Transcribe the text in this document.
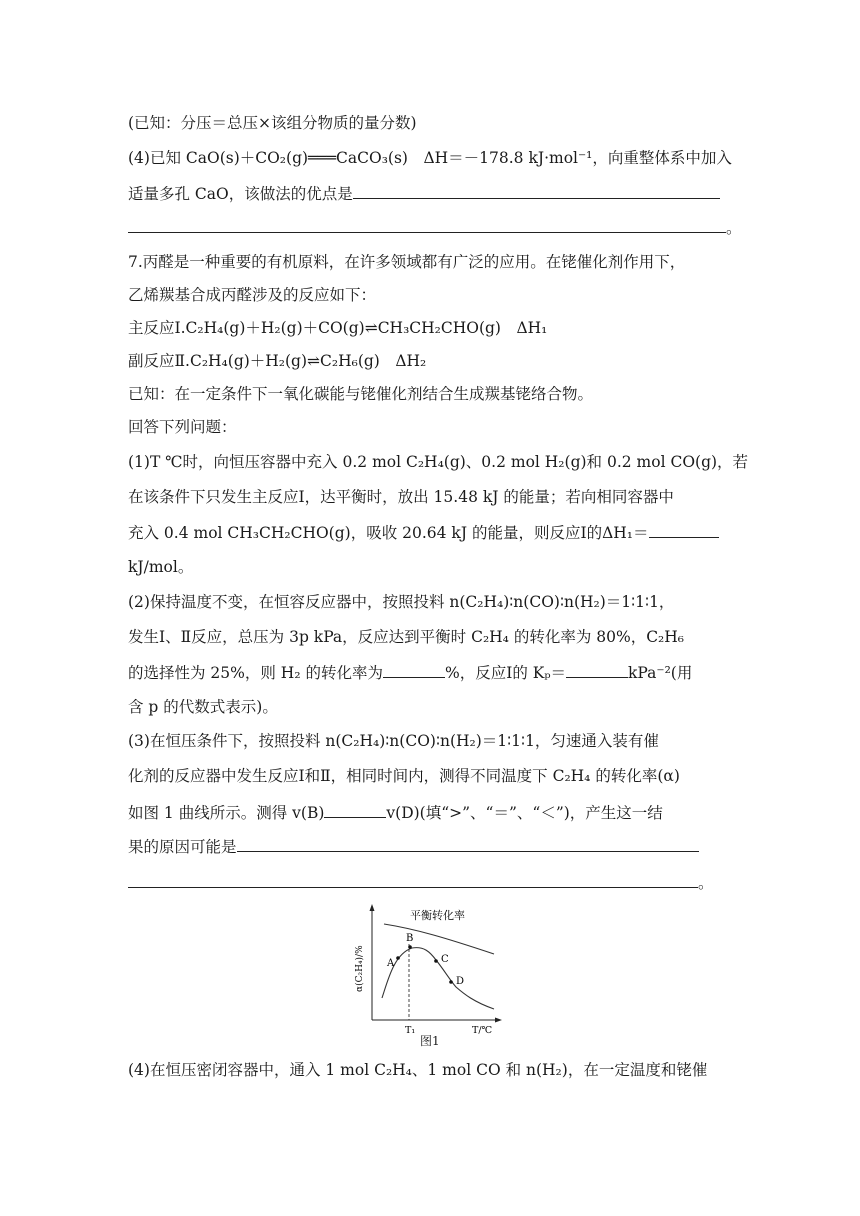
(已知：分压＝总压×该组分物质的量分数)
(4)已知 CaO(s)＋CO₂(g)═══CaCO₃(s)　ΔH＝－178.8 kJ·mol⁻¹，向重整体系中加入
适量多孔 CaO，该做法的优点是
。
7.丙醛是一种重要的有机原料，在许多领域都有广泛的应用。在铑催化剂作用下，
乙烯羰基合成丙醛涉及的反应如下：
主反应Ⅰ.C₂H₄(g)＋H₂(g)＋CO(g)⇌CH₃CH₂CHO(g)　ΔH₁
副反应Ⅱ.C₂H₄(g)＋H₂(g)⇌C₂H₆(g)　ΔH₂
已知：在一定条件下一氧化碳能与铑催化剂结合生成羰基铑络合物。
回答下列问题：
(1)T ℃时，向恒压容器中充入 0.2 mol C₂H₄(g)、0.2 mol H₂(g)和 0.2 mol CO(g)，若
在该条件下只发生主反应Ⅰ，达平衡时，放出 15.48 kJ 的能量；若向相同容器中
充入 0.4 mol CH₃CH₂CHO(g)，吸收 20.64 kJ 的能量，则反应Ⅰ的ΔH₁＝
kJ/mol。
(2)保持温度不变，在恒容反应器中，按照投料 n(C₂H₄)∶n(CO)∶n(H₂)＝1∶1∶1，
发生Ⅰ、Ⅱ反应，总压为 3p kPa，反应达到平衡时 C₂H₄ 的转化率为 80%，C₂H₆
的选择性为 25%，则 H₂ 的转化率为	%，反应Ⅰ的 Kₚ＝	kPa⁻²(用
含 p 的代数式表示)。
(3)在恒压条件下，按照投料 n(C₂H₄)∶n(CO)∶n(H₂)＝1∶1∶1，匀速通入装有催
化剂的反应器中发生反应Ⅰ和Ⅱ，相同时间内，测得不同温度下 C₂H₄ 的转化率(α)
如图 1 曲线所示。测得 v(B)	v(D)(填“>”、“＝”、“＜”)，产生这一结
果的原因可能是
。
平衡转化率
A
B
C
D
α(C₂H₄)/%
T₁	T/℃
图1
(4)在恒压密闭容器中，通入 1 mol C₂H₄、1 mol CO 和 n(H₂)，在一定温度和铑催
